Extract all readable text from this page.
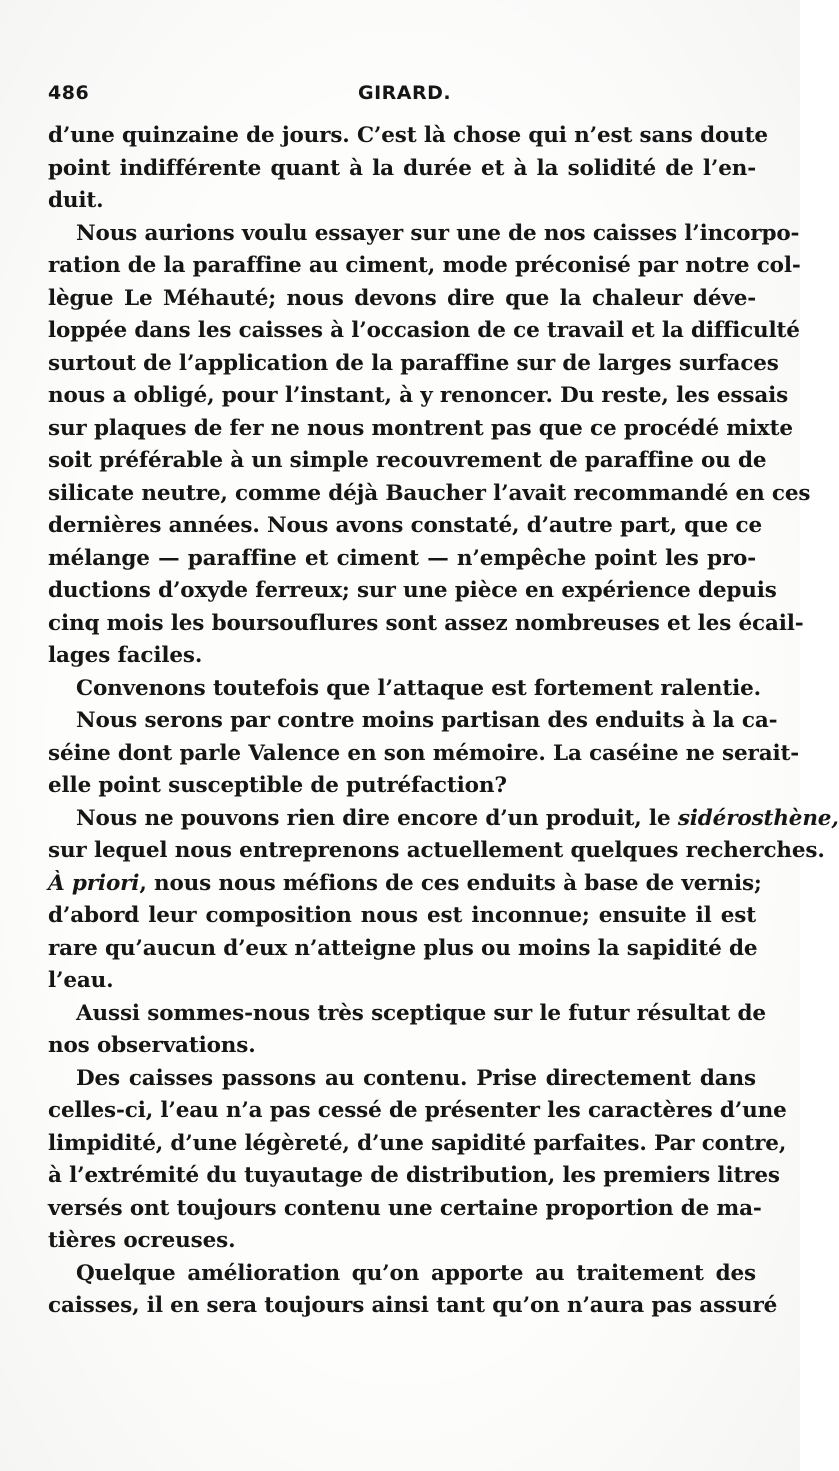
486	GIRARD.
d’une quinzaine de jours. C’est là chose qui n’est sans doute
point indifférente quant à la durée et à la solidité de l’en-
duit.
Nous aurions voulu essayer sur une de nos caisses l’incorpo-
ration de la paraffine au ciment, mode préconisé par notre col-
lègue Le Méhauté; nous devons dire que la chaleur déve-
loppée dans les caisses à l’occasion de ce travail et la difficulté
surtout de l’application de la paraffine sur de larges surfaces
nous a obligé, pour l’instant, à y renoncer. Du reste, les essais
sur plaques de fer ne nous montrent pas que ce procédé mixte
soit préférable à un simple recouvrement de paraffine ou de
silicate neutre, comme déjà Baucher l’avait recommandé en ces
dernières années. Nous avons constaté, d’autre part, que ce
mélange — paraffine et ciment — n’empêche point les pro-
ductions d’oxyde ferreux; sur une pièce en expérience depuis
cinq mois les boursouflures sont assez nombreuses et les écail-
lages faciles.
Convenons toutefois que l’attaque est fortement ralentie.
Nous serons par contre moins partisan des enduits à la ca-
séine dont parle Valence en son mémoire. La caséine ne serait-
elle point susceptible de putréfaction?
Nous ne pouvons rien dire encore d’un produit, le sidérosthène,
sur lequel nous entreprenons actuellement quelques recherches.
À priori, nous nous méfions de ces enduits à base de vernis;
d’abord leur composition nous est inconnue; ensuite il est
rare qu’aucun d’eux n’atteigne plus ou moins la sapidité de
l’eau.
Aussi sommes-nous très sceptique sur le futur résultat de
nos observations.
Des caisses passons au contenu. Prise directement dans
celles-ci, l’eau n’a pas cessé de présenter les caractères d’une
limpidité, d’une légèreté, d’une sapidité parfaites. Par contre,
à l’extrémité du tuyautage de distribution, les premiers litres
versés ont toujours contenu une certaine proportion de ma-
tières ocreuses.
Quelque amélioration qu’on apporte au traitement des
caisses, il en sera toujours ainsi tant qu’on n’aura pas assuré
